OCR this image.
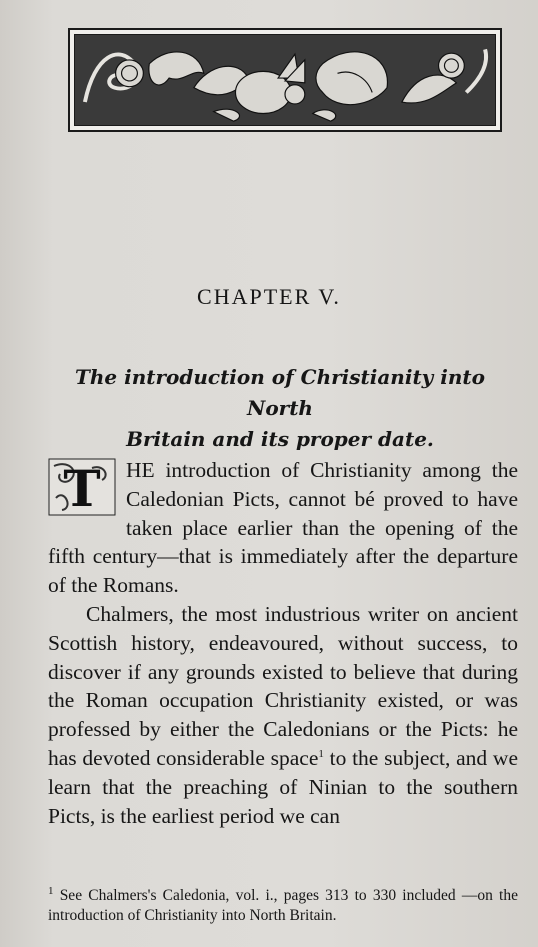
CHAPTER V.
The introduction of Christianity into North
Britain and its proper date.

T HE introduction of Christianity among the Caledonian Picts, cannot bé proved to have taken place earlier than the opening of the fifth century—that is immediately after the departure of the Romans.

Chalmers, the most industrious writer on ancient Scottish history, endeavoured, without success, to discover if any grounds existed to believe that during the Roman occupation Christianity existed, or was professed by either the Caledonians or the Picts: he has devoted considerable space$^1$ to the subject, and we learn that the preaching of Ninian to the southern Picts, is the earliest period we can

$^1$ See Chalmers's Caledonia, vol. i., pages 313 to 330 included —on the introduction of Christianity into North Britain.
